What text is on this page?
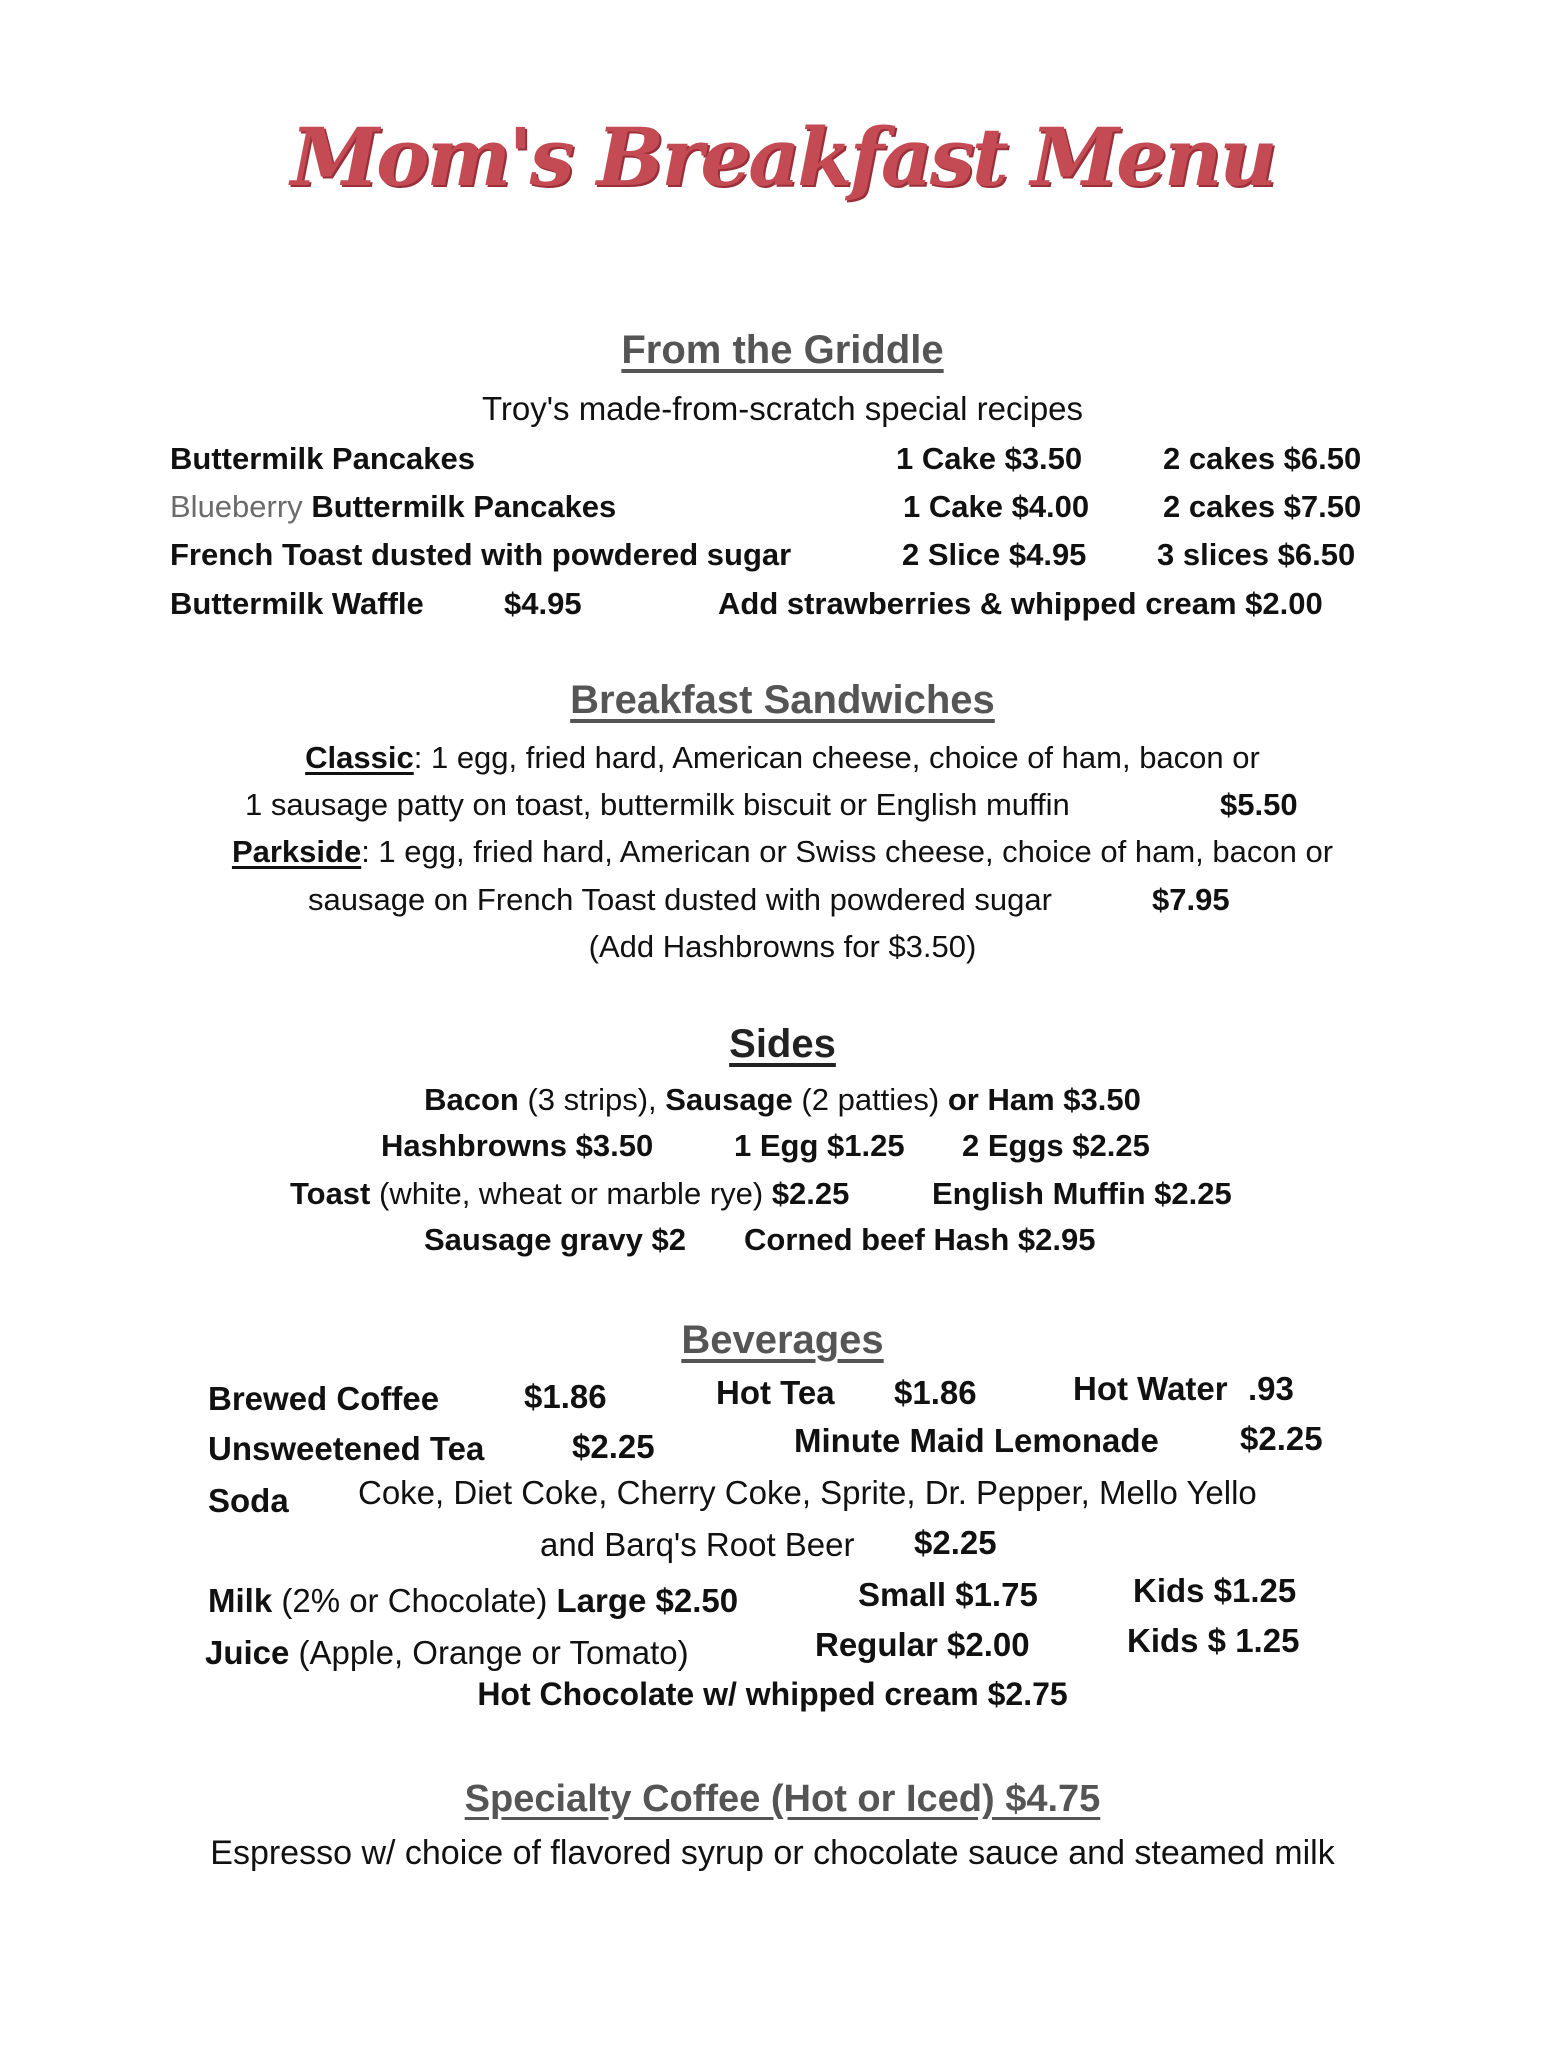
Mom's Breakfast Menu
From the Griddle
Troy's made-from-scratch special recipes
Buttermilk Pancakes	1 Cake $3.50	2 cakes $6.50
Blueberry Buttermilk Pancakes	1 Cake $4.00 2 cakes $7.50
French Toast dusted with powdered sugar	2 Slice $4.95 3 slices $6.50
Buttermilk Waffle	$4.95	Add strawberries & whipped cream $2.00
Breakfast Sandwiches
Classic: 1 egg, fried hard, American cheese, choice of ham, bacon or
1 sausage patty on toast, buttermilk biscuit or English muffin	$5.50
Parkside: 1 egg, fried hard, American or Swiss cheese, choice of ham, bacon or
sausage on French Toast dusted with powdered sugar	$7.95
(Add Hashbrowns for $3.50)
Sides
Bacon (3 strips), Sausage (2 patties) or Ham $3.50
Hashbrowns $3.50	1 Egg $1.25 2 Eggs $2.25
Toast (white, wheat or marble rye) $2.25	English Muffin $2.25
Sausage gravy $2 Corned beef Hash $2.95
Beverages
Brewed Coffee	$1.86	Hot Tea $1.86	Hot Water .93
Unsweetened Tea	$2.25	Minute Maid Lemonade $2.25
Soda Coke, Diet Coke, Cherry Coke, Sprite, Dr. Pepper, Mello Yello
and Barq's Root Beer $2.25
Milk (2% or Chocolate) Large $2.50	Small $1.75	Kids $1.25
Juice (Apple, Orange or Tomato)	Regular $2.00	Kids $ 1.25
Hot Chocolate w/ whipped cream $2.75
Specialty Coffee (Hot or Iced) $4.75
Espresso w/ choice of flavored syrup or chocolate sauce and steamed milk
